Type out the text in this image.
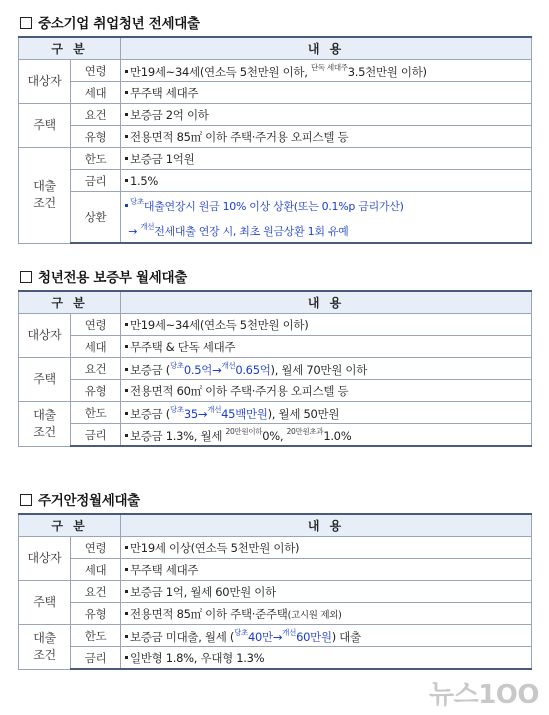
중소기업 취업청년 전세대출
구 분		내 용
대상자	연령	만19세~34세(연소득 5천만원 이하, $^{단독 세대주}$3.5천만원 이하)
	세대	무주택 세대주
주택	요건	보증금 2억 이하
	유형	전용면적 85㎡ 이하 주택·주거용 오피스텔 등
대출
조건	한도	보증금 1억원
	금리	1.5%
	상환	$^{당초}$대출연장시 원금 10% 이상 상환(또는 0.1%p 금리가산)
→ $^{개선}$전세대출 연장 시, 최초 원금상환 1회 유예
청년전용 보증부 월세대출
구 분		내 용
대상자	연령	만19세~34세(연소득 5천만원 이하)
	세대	무주택 & 단독 세대주
주택	요건	보증금 ($^{당초}$0.5억→$^{개선}$0.65억), 월세 70만원 이하
	유형	전용면적 60㎡ 이하 주택·주거용 오피스텔 등
대출
조건	한도	보증금 ($^{당초}$35→$^{개선}$45백만원), 월세 50만원
	금리	보증금 1.3%, 월세 $^{20만원이하}$0%, $^{20만원초과}$1.0%
주거안정월세대출
구 분		내 용
대상자	연령	만19세 이상(연소득 5천만원 이하)
	세대	무주택 세대주
주택	요건	보증금 1억, 월세 60만원 이하
	유형	전용면적 85㎡ 이하 주택·준주택(고시원 제외)
대출
조건	한도	보증금 미대출, 월세 ($^{당초}$40만→$^{개선}$60만원) 대출
	금리	일반형 1.8%, 우대형 1.3%
뉴스1OO
